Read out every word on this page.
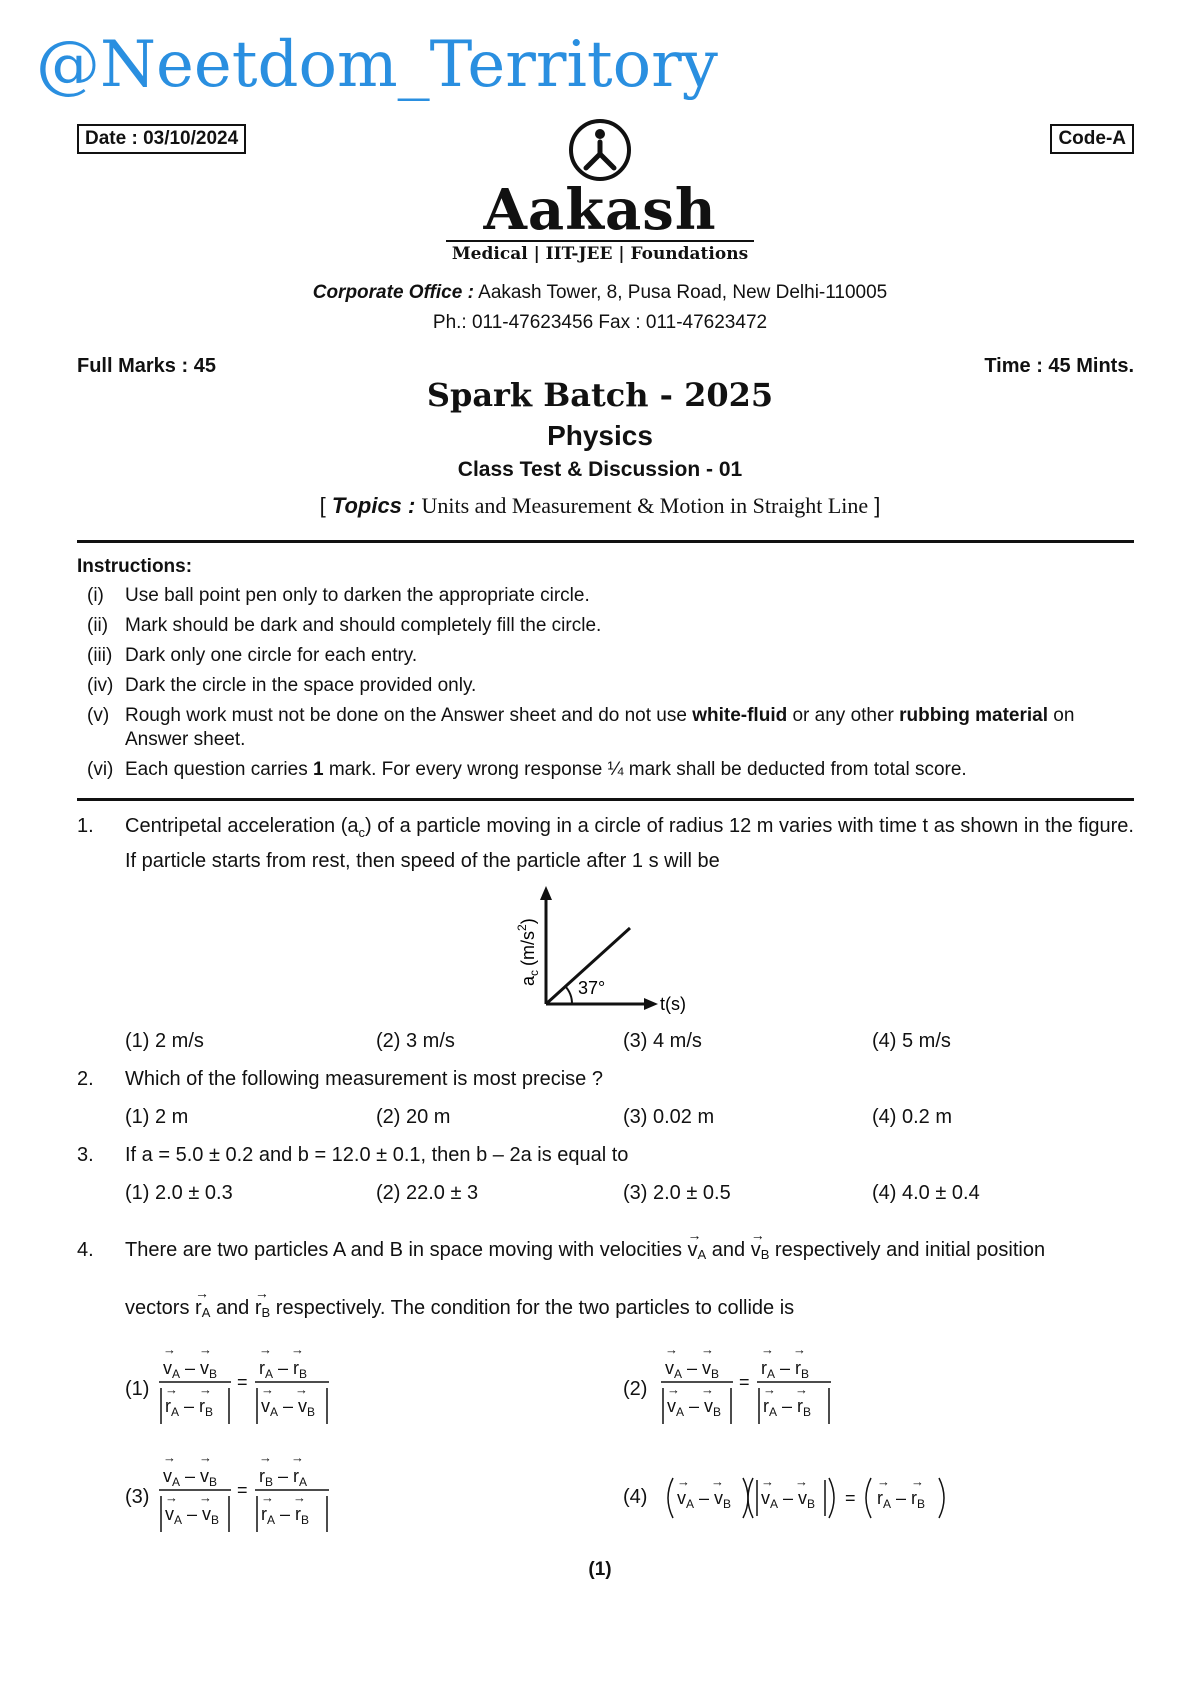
@Neetdom_Territory
Date : 03/10/2024	Code-A
Aakash
Medical | IIT-JEE | Foundations
Corporate Office : Aakash Tower, 8, Pusa Road, New Delhi-110005
Ph.: 011-47623456 Fax : 011-47623472
Full Marks : 45	Time : 45 Mints.
Spark Batch - 2025
Physics
Class Test & Discussion - 01
[ Topics : Units and Measurement & Motion in Straight Line ]
Instructions:
(i)	Use ball point pen only to darken the appropriate circle.
(ii) Mark should be dark and should completely fill the circle.
(iii) Dark only one circle for each entry.
(iv) Dark the circle in the space provided only.
(v) Rough work must not be done on the Answer sheet and do not use white-fluid or any other rubbing material on Answer sheet.
(vi) Each question carries 1 mark. For every wrong response ¼ mark shall be deducted from total score.
1. Centripetal acceleration $(a_c)$ of a particle moving in a circle of radius 12 m varies with time t as shown in the figure. If particle starts from rest, then speed of the particle after 1 s will be
37°
t(s)
$a_c(m/s^2)$
(1) 2 m/s	(2) 3 m/s	(3) 4 m/s	(4) 5 m/s
2. Which of the following measurement is most precise ?
(1) 2 m	(2) 20 m	(3) 0.02 m	(4) 0.2 m
3. If a = 5.0 ± 0.2 and b = 12.0 ± 0.1, then b – 2a is equal to
(1) 2.0 ± 0.3	(2) 22.0 ± 3	(3) 2.0 ± 0.5	(4) 4.0 ± 0.4
4. There are two particles A and B in space moving with velocities → $v_A$ and → $v_B$ respectively and initial position
vectors → $r_A$ and → $r_B$ respectively. The condition for the two particles to collide is
(1)
$v_A - v_B$
→ →
$r_A - r_B$
→ → =
$r_A - r_B$
→ →
$v_A - v_B$
→ →	(2)
$v_A - v_B$
→ →
$v_A - v_B$
→ → =
$r_A - r_B$
→ →
$r_A - r_B$
→ →
(3)
$v_A - v_B$
→ →
$v_A - v_B$
→ → =
$r_B - r_A$
→ →
$r_A - r_B$
→ →	(4) $v_A - v_B$
→ →
$v_A - v_B$
→ →
= $r_A - r_B$
→ →
(1)
